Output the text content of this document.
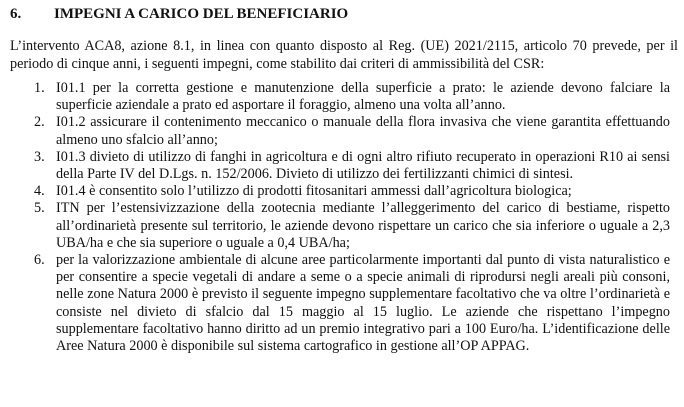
6.	IMPEGNI A CARICO DEL BENEFICIARIO

L’intervento ACA8, azione 8.1, in linea con quanto disposto al Reg. (UE) 2021/2115, articolo 70 prevede, per il periodo di cinque anni, i seguenti impegni, come stabilito dai criteri di ammissibilità del CSR:

1. I01.1 per la corretta gestione e manutenzione della superficie a prato: le aziende devono falciare la superficie aziendale a prato ed asportare il foraggio, almeno una volta all’anno.
2. I01.2 assicurare il contenimento meccanico o manuale della flora invasiva che viene garantita effettuando almeno uno sfalcio all’anno;
3. I01.3 divieto di utilizzo di fanghi in agricoltura e di ogni altro rifiuto recuperato in operazioni R10 ai sensi della Parte IV del D.Lgs. n. 152/2006. Divieto di utilizzo dei fertilizzanti chimici di sintesi.
4. I01.4 è consentito solo l’utilizzo di prodotti fitosanitari ammessi dall’agricoltura biologica;
5. ITN per l’estensivizzazione della zootecnia mediante l’alleggerimento del carico di bestiame, rispetto all’ordinarietà presente sul territorio, le aziende devono rispettare un carico che sia inferiore o uguale a 2,3 UBA/ha e che sia superiore o uguale a 0,4 UBA/ha;
6. per la valorizzazione ambientale di alcune aree particolarmente importanti dal punto di vista naturalistico e per consentire a specie vegetali di andare a seme o a specie animali di riprodursi negli areali più consoni, nelle zone Natura 2000 è previsto il seguente impegno supplementare facoltativo che va oltre l’ordinarietà e consiste nel divieto di sfalcio dal 15 maggio al 15 luglio. Le aziende che rispettano l’impegno supplementare facoltativo hanno diritto ad un premio integrativo pari a 100 Euro/ha. L’identificazione delle Aree Natura 2000 è disponibile sul sistema cartografico in gestione all’OP APPAG.
